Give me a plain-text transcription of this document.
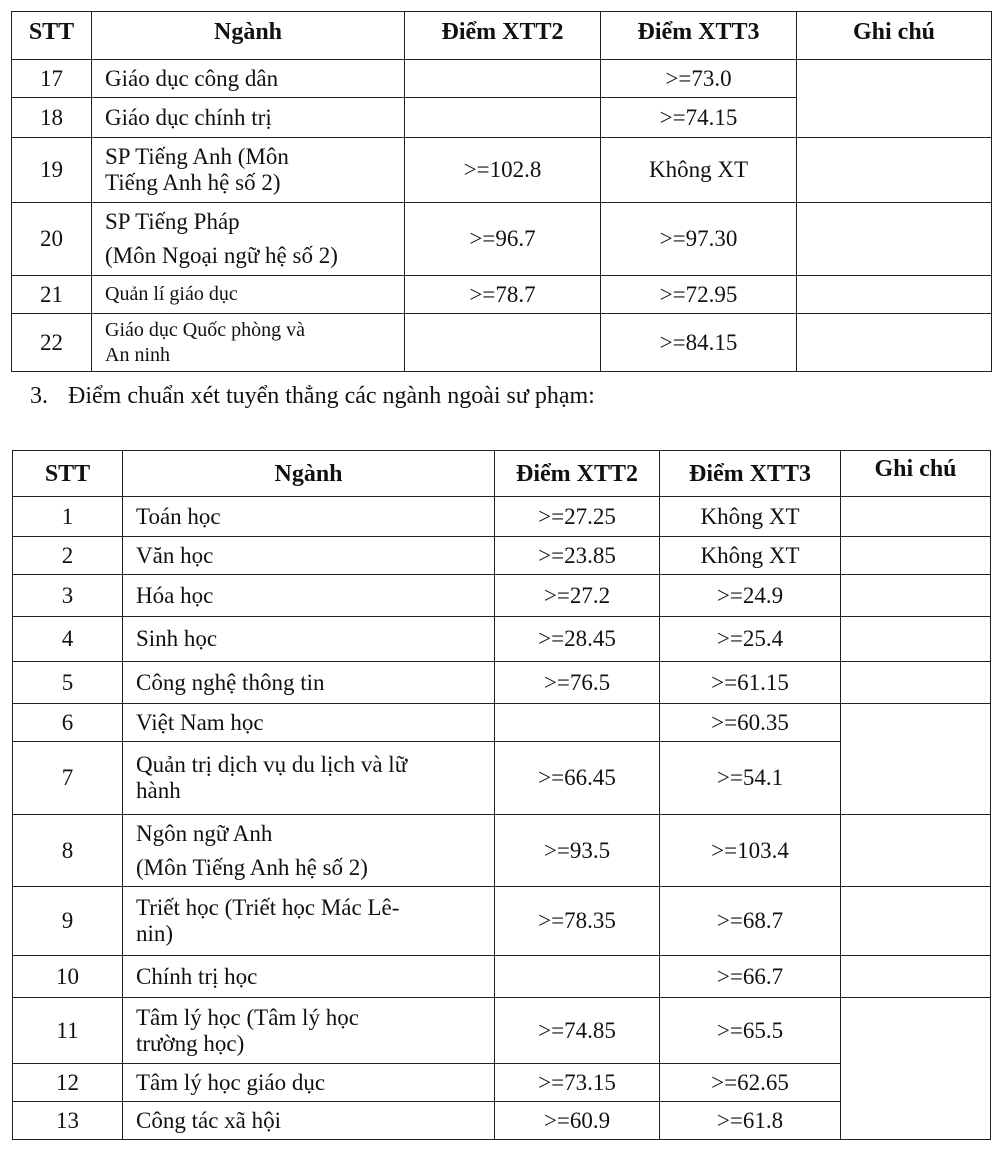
STT	Ngành	Điểm XTT2	Điểm XTT3	Ghi chú
17	Giáo dục công dân		>=73.0	
18	Giáo dục chính trị		>=74.15	
19	SP Tiếng Anh (Môn
Tiếng Anh hệ số 2)	>=102.8	Không XT	
20	SP Tiếng Pháp
(Môn Ngoại ngữ hệ số 2)	>=96.7	>=97.30	
21	Quản lí giáo dục	>=78.7	>=72.95	
22	Giáo dục Quốc phòng và
An ninh		>=84.15	
3. Điểm chuẩn xét tuyển thẳng các ngành ngoài sư phạm:
STT	Ngành	Điểm XTT2	Điểm XTT3	Ghi chú
1	Toán học	>=27.25	Không XT	
2	Văn học	>=23.85	Không XT	
3	Hóa học	>=27.2	>=24.9	
4	Sinh học	>=28.45	>=25.4	
5	Công nghệ thông tin	>=76.5	>=61.15	
6	Việt Nam học		>=60.35	
7	Quản trị dịch vụ du lịch và lữ
hành	>=66.45	>=54.1	
8	Ngôn ngữ Anh
(Môn Tiếng Anh hệ số 2)	>=93.5	>=103.4	
9	Triết học (Triết học Mác Lê-
nin)	>=78.35	>=68.7	
10	Chính trị học		>=66.7	
11	Tâm lý học (Tâm lý học
trường học)	>=74.85	>=65.5	
12	Tâm lý học giáo dục	>=73.15	>=62.65	
13	Công tác xã hội	>=60.9	>=61.8	
